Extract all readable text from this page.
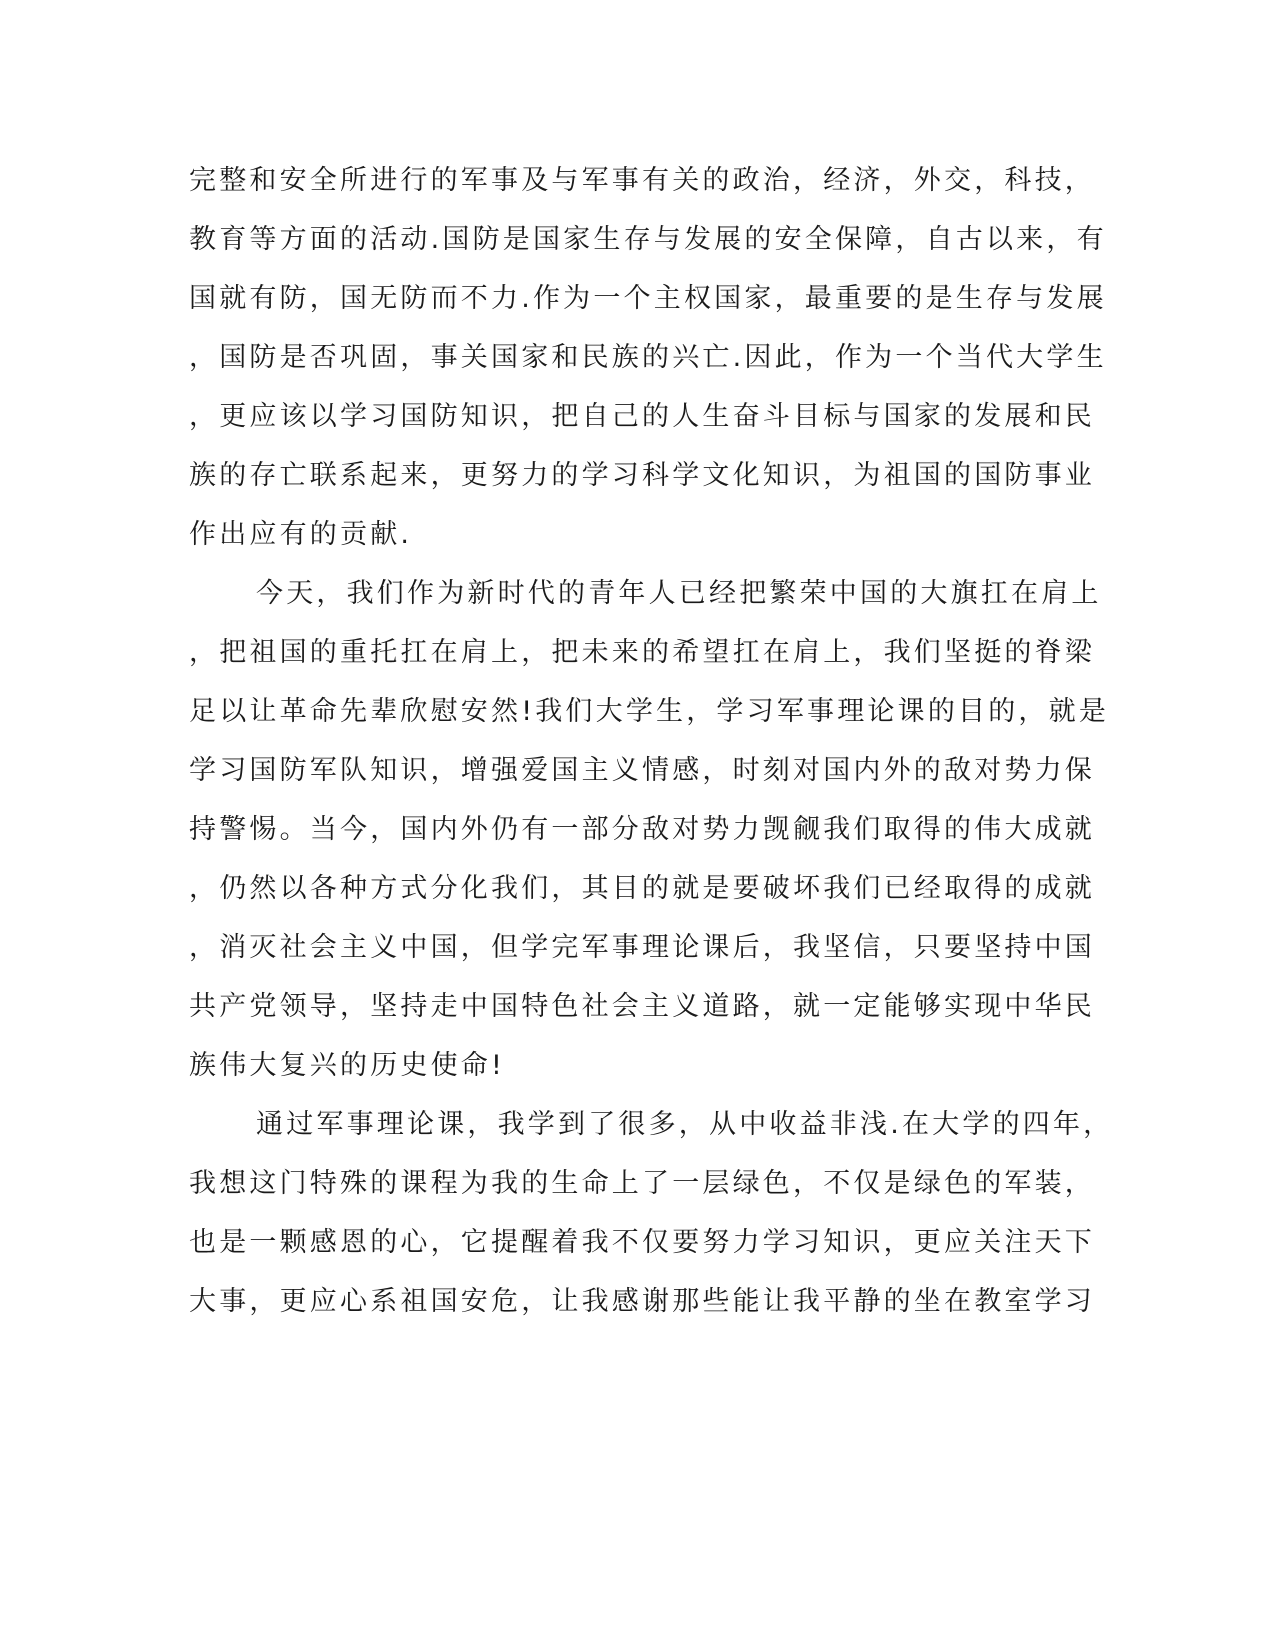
完整和安全所进行的军事及与军事有关的政治，经济，外交，科技，
教育等方面的活动.国防是国家生存与发展的安全保障，自古以来，有
国就有防，国无防而不力.作为一个主权国家，最重要的是生存与发展
，国防是否巩固，事关国家和民族的兴亡.因此，作为一个当代大学生
，更应该以学习国防知识，把自己的人生奋斗目标与国家的发展和民
族的存亡联系起来，更努力的学习科学文化知识，为祖国的国防事业
作出应有的贡献.
今天，我们作为新时代的青年人已经把繁荣中国的大旗扛在肩上
，把祖国的重托扛在肩上，把未来的希望扛在肩上，我们坚挺的脊梁
足以让革命先辈欣慰安然!我们大学生，学习军事理论课的目的，就是
学习国防军队知识，增强爱国主义情感，时刻对国内外的敌对势力保
持警惕。当今，国内外仍有一部分敌对势力觊觎我们取得的伟大成就
，仍然以各种方式分化我们，其目的就是要破坏我们已经取得的成就
，消灭社会主义中国，但学完军事理论课后，我坚信，只要坚持中国
共产党领导，坚持走中国特色社会主义道路，就一定能够实现中华民
族伟大复兴的历史使命!
通过军事理论课，我学到了很多，从中收益非浅.在大学的四年，
我想这门特殊的课程为我的生命上了一层绿色，不仅是绿色的军装，
也是一颗感恩的心，它提醒着我不仅要努力学习知识，更应关注天下
大事，更应心系祖国安危，让我感谢那些能让我平静的坐在教室学习
